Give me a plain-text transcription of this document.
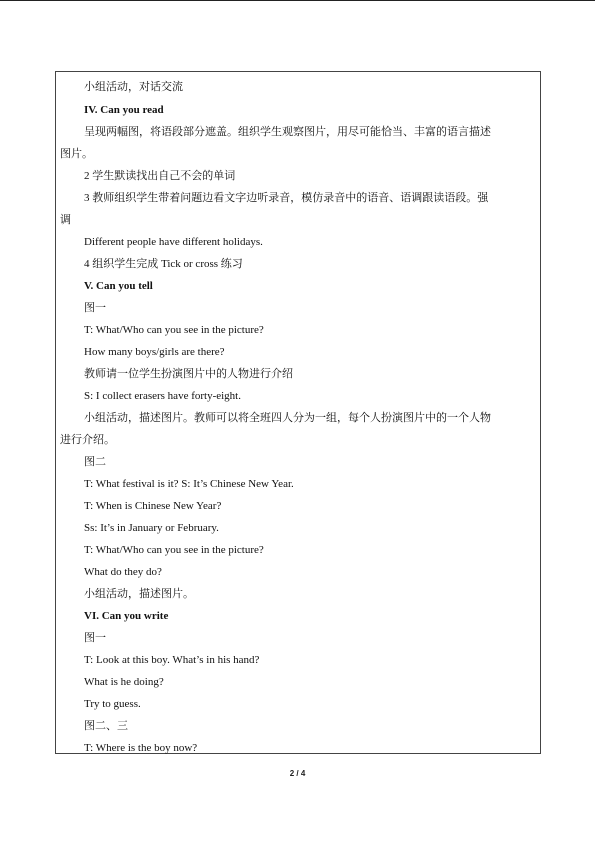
小组活动，对话交流
IV. Can you read
呈现两幅图，将语段部分遮盖。组织学生观察图片，用尽可能恰当、丰富的语言描述
图片。
2 学生默读找出自己不会的单词
3 教师组织学生带着问题边看文字边听录音，模仿录音中的语音、语调跟读语段。强
调
Different people have different holidays.
4 组织学生完成 Tick or cross 练习
V. Can you tell
图一
T: What/Who can you see in the picture?
How many boys/girls are there?
教师请一位学生扮演图片中的人物进行介绍
S: I collect erasers have forty-eight.
小组活动，描述图片。教师可以将全班四人分为一组，每个人扮演图片中的一个人物
进行介绍。
图二
T: What festival is it? S: It’s Chinese New Year.
T: When is Chinese New Year?
Ss: It’s in January or February.
T: What/Who can you see in the picture?
What do they do?
小组活动，描述图片。
VI. Can you write
图一
T: Look at this boy. What’s in his hand?
What is he doing?
Try to guess.
图二、三
T: Where is the boy now?
2 / 4
